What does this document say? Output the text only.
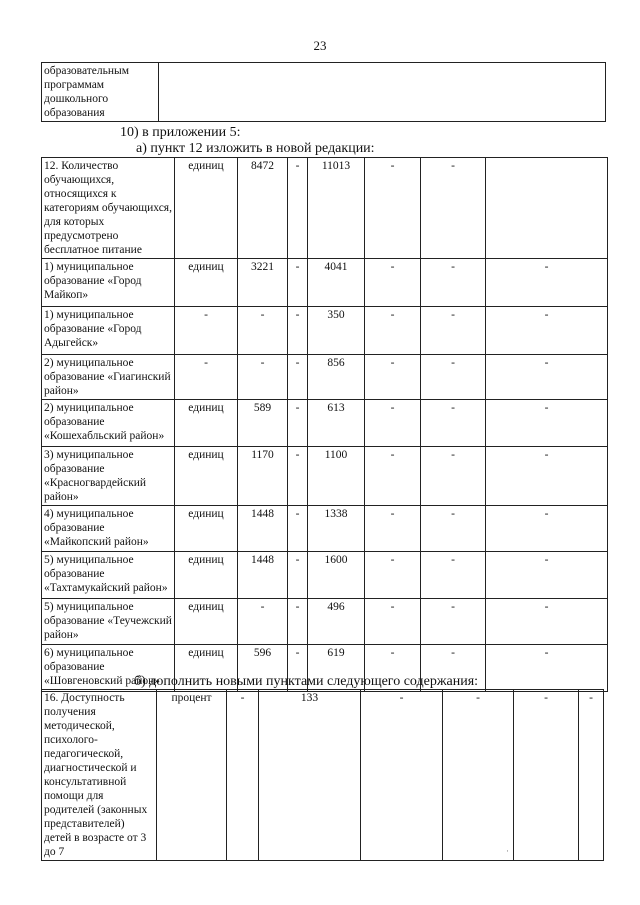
23
образовательным программам дошкольного образования	
10) в приложении 5:
а) пункт 12 изложить в новой редакции:
12. Количество обучающихся, относящихся к категориям обучающихся, для которых предусмотрено бесплатное питание	единиц	8472	-	11013	-	-	
1) муниципальное образование «Город Майкоп»	единиц	3221	-	4041	-	-	-
1) муниципальное образование «Город Адыгейск»	-	-	-	350	-	-	-
2) муниципальное образование «Гиагинский район»	-	-	-	856	-	-	-
2) муниципальное образование «Кошехабльский район»	единиц	589	-	613	-	-	-
3) муниципальное образование «Красногвардейский район»	единиц	1170	-	1100	-	-	-
4) муниципальное образование «Майкопский район»	единиц	1448	-	1338	-	-	-
5) муниципальное образование «Тахтамукайский район»	единиц	1448	-	1600	-	-	-
5) муниципальное образование «Теучежский район»	единиц	-	-	496	-	-	-
6) муниципальное образование «Шовгеновский район»	единиц	596	-	619	-	-	-
б) дополнить новыми пунктами следующего содержания:
16. Доступность получения методической, психолого-педагогической, диагностической и консультативной помощи для родителей (законных представителей) детей в возрасте от 3 до 7	процент	-	133	-	-	-	-
·
